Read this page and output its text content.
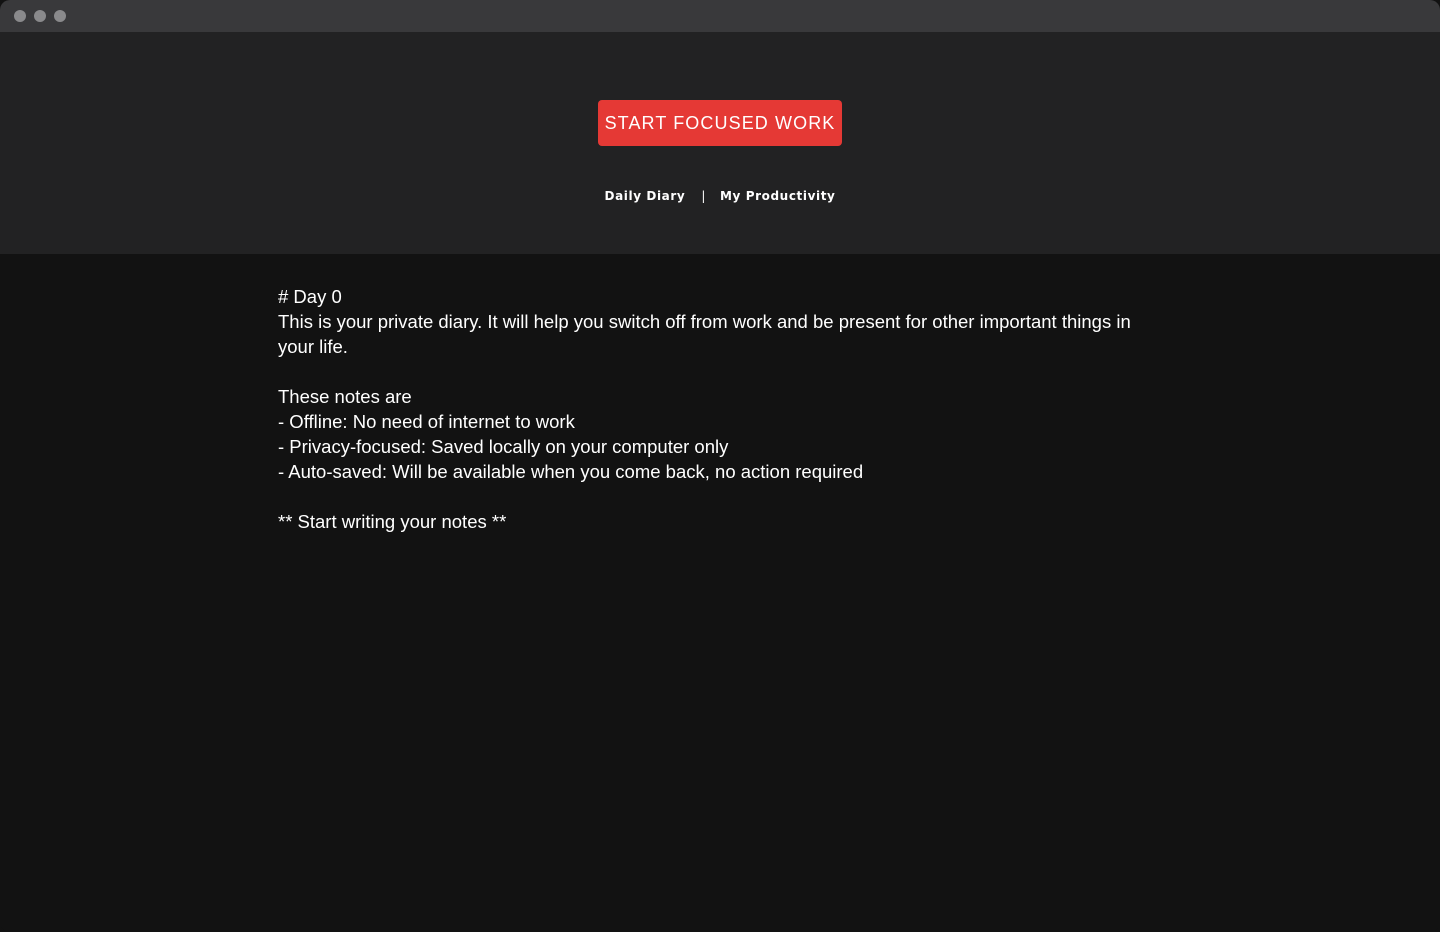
START FOCUSED WORK
Daily Diary | My Productivity
# Day 0
This is your private diary. It will help you switch off from work and be present for other important things in your life.

These notes are
- Offline: No need of internet to work
- Privacy-focused: Saved locally on your computer only
- Auto-saved: Will be available when you come back, no action required

** Start writing your notes **
